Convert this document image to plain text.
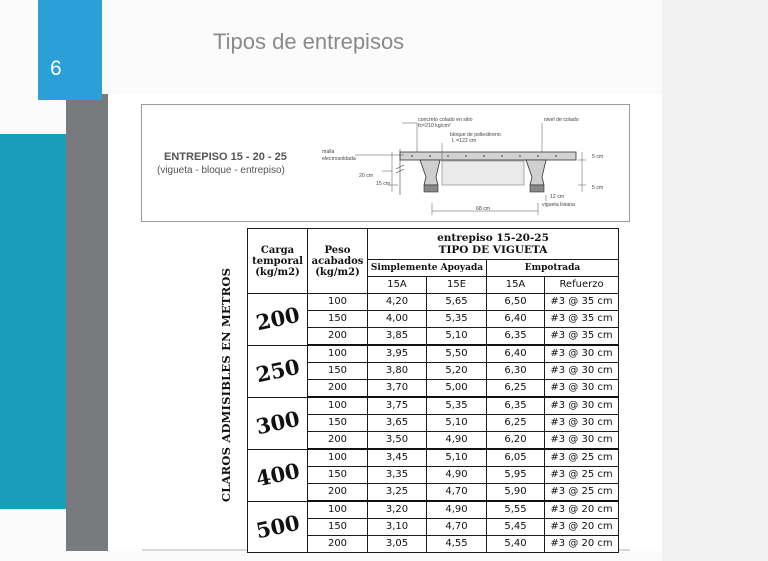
6
Tipos de entrepisos
ENTREPISO 15 - 20 - 25
(vigueta - bloque - entrepiso)
concreto colado en sitio
fc=210 kg/cm²
bloque de poliestireno
L =122 cm
nivel de colado
malla
electrosoldada
20 cm
15 cm
5 cm
5 cm
12 cm
vigueta liviana
68 cm
CLAROS ADMISIBLES EN METROS
Carga temporal (kg/m2)	Peso acabados (kg/m2)	entrepiso 15-20-25
TIPO DE VIGUETA			

		Simplemente Apoyada		Empotrada	
		15A	15E	15A	Refuerzo
200	100	4,20	5,65	6,50	#3 @ 35 cm
	150	4,00	5,35	6,40	#3 @ 35 cm
	200	3,85	5,10	6,35	#3 @ 35 cm
250	100	3,95	5,50	6,40	#3 @ 30 cm
	150	3,80	5,20	6,30	#3 @ 30 cm
	200	3,70	5,00	6,25	#3 @ 30 cm
300	100	3,75	5,35	6,35	#3 @ 30 cm
	150	3,65	5,10	6,25	#3 @ 30 cm
	200	3,50	4,90	6,20	#3 @ 30 cm
400	100	3,45	5,10	6,05	#3 @ 25 cm
	150	3,35	4,90	5,95	#3 @ 25 cm
	200	3,25	4,70	5,90	#3 @ 25 cm
500	100	3,20	4,90	5,55	#3 @ 20 cm
	150	3,10	4,70	5,45	#3 @ 20 cm
	200	3,05	4,55	5,40	#3 @ 20 cm
